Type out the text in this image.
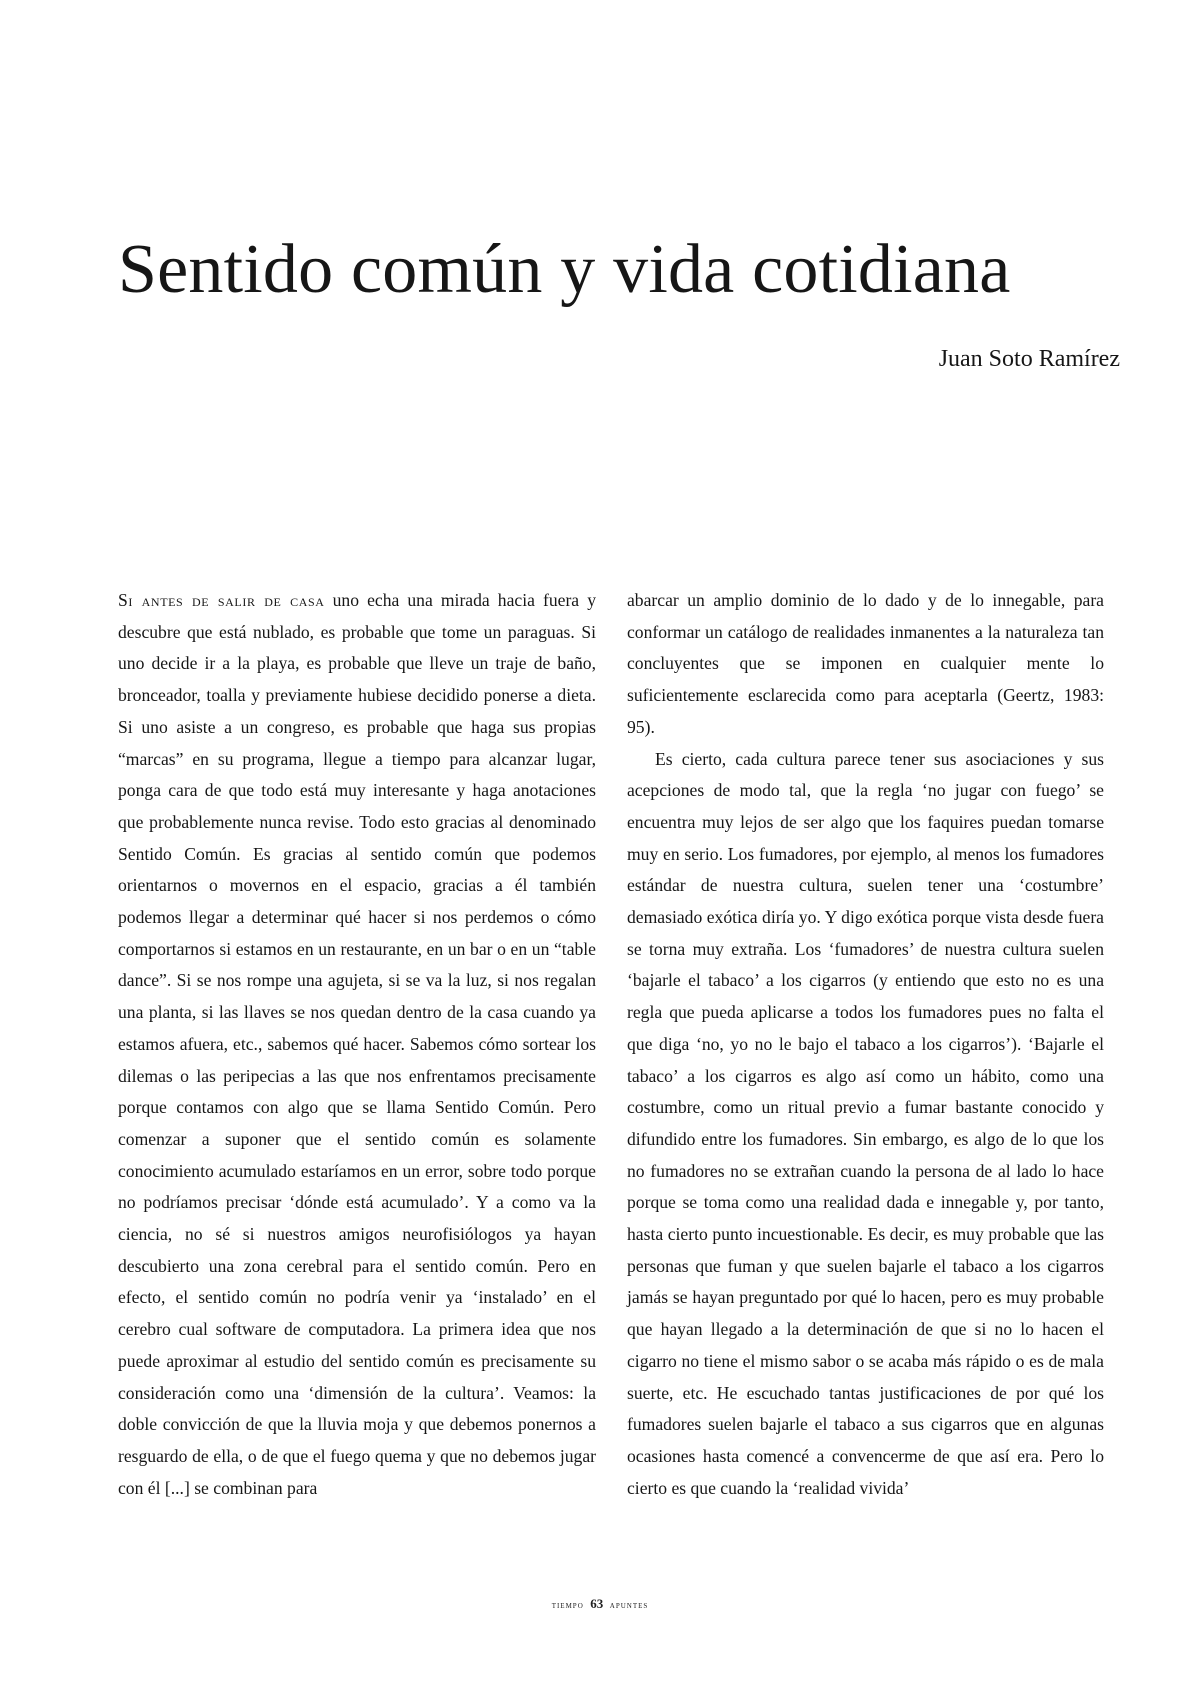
Sentido común y vida cotidiana

Juan Soto Ramírez

Si antes de salir de casa uno echa una mirada hacia fuera y descubre que está nublado, es probable que tome un paraguas. Si uno decide ir a la playa, es probable que lleve un traje de baño, bronceador, toalla y previamente hubiese decidido ponerse a dieta. Si uno asiste a un congreso, es probable que haga sus propias “marcas” en su programa, llegue a tiempo para alcanzar lugar, ponga cara de que todo está muy interesante y haga anotaciones que probablemente nunca revise. Todo esto gracias al denominado Sentido Común. Es gracias al sentido común que podemos orientarnos o movernos en el espacio, gracias a él también podemos llegar a determinar qué hacer si nos perdemos o cómo comportarnos si estamos en un restaurante, en un bar o en un “table dance”. Si se nos rompe una agujeta, si se va la luz, si nos regalan una planta, si las llaves se nos quedan dentro de la casa cuando ya estamos afuera, etc., sabemos qué hacer. Sabemos cómo sortear los dilemas o las peripecias a las que nos enfrentamos precisamente porque contamos con algo que se llama Sentido Común. Pero comenzar a suponer que el sentido común es solamente conocimiento acumulado estaríamos en un error, sobre todo porque no podríamos precisar ‘dónde está acumulado’. Y a como va la ciencia, no sé si nuestros amigos neurofisiólogos ya hayan descubierto una zona cerebral para el sentido común. Pero en efecto, el sentido común no podría venir ya ‘instalado’ en el cerebro cual software de computadora. La primera idea que nos puede aproximar al estudio del sentido común es precisamente su consideración como una ‘dimensión de la cultura’. Veamos: la doble convicción de que la lluvia moja y que debemos ponernos a resguardo de ella, o de que el fuego quema y que no debemos jugar con él [...] se combinan para

abarcar un amplio dominio de lo dado y de lo innegable, para conformar un catálogo de realidades inmanentes a la naturaleza tan concluyentes que se imponen en cualquier mente lo suficientemente esclarecida como para aceptarla (Geertz, 1983: 95).

Es cierto, cada cultura parece tener sus asociaciones y sus acepciones de modo tal, que la regla ‘no jugar con fuego’ se encuentra muy lejos de ser algo que los faquires puedan tomarse muy en serio. Los fumadores, por ejemplo, al menos los fumadores estándar de nuestra cultura, suelen tener una ‘costumbre’ demasiado exótica diría yo. Y digo exótica porque vista desde fuera se torna muy extraña. Los ‘fumadores’ de nuestra cultura suelen ‘bajarle el tabaco’ a los cigarros (y entiendo que esto no es una regla que pueda aplicarse a todos los fumadores pues no falta el que diga ‘no, yo no le bajo el tabaco a los cigarros’). ‘Bajarle el tabaco’ a los cigarros es algo así como un hábito, como una costumbre, como un ritual previo a fumar bastante conocido y difundido entre los fumadores. Sin embargo, es algo de lo que los no fumadores no se extrañan cuando la persona de al lado lo hace porque se toma como una realidad dada e innegable y, por tanto, hasta cierto punto incuestionable. Es decir, es muy probable que las personas que fuman y que suelen bajarle el tabaco a los cigarros jamás se hayan preguntado por qué lo hacen, pero es muy probable que hayan llegado a la determinación de que si no lo hacen el cigarro no tiene el mismo sabor o se acaba más rápido o es de mala suerte, etc. He escuchado tantas justificaciones de por qué los fumadores suelen bajarle el tabaco a sus cigarros que en algunas ocasiones hasta comencé a convencerme de que así era. Pero lo cierto es que cuando la ‘realidad vivida’

tiempo 63 apuntes
